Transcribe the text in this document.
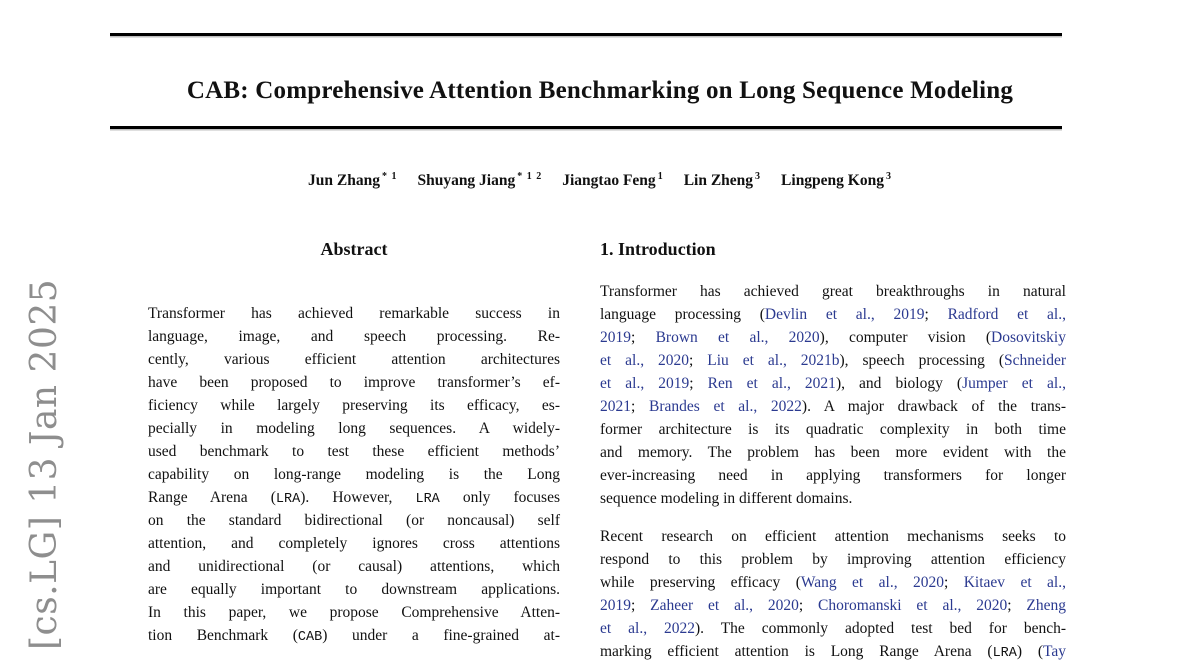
CAB: Comprehensive Attention Benchmarking on Long Sequence Modeling
Jun Zhang $^{* 1}$ Shuyang Jiang $^{* 1 2}$ Jiangtao Feng $^1$ Lin Zheng $^3$ Lingpeng Kong $^3$
Abstract
Transformer has achieved remarkable success in
language, image, and speech processing. Re-
cently, various efficient attention architectures
have been proposed to improve transformer’s ef-
ficiency while largely preserving its efficacy, es-
pecially in modeling long sequences. A widely-
used benchmark to test these efficient methods’
capability on long-range modeling is the Long
Range Arena (LRA). However, LRA only focuses
on the standard bidirectional (or noncausal) self
attention, and completely ignores cross attentions
and unidirectional (or causal) attentions, which
are equally important to downstream applications.
In this paper, we propose Comprehensive Atten-
tion Benchmark (CAB) under a fine-grained at-
1. Introduction
Transformer has achieved great breakthroughs in natural
language processing (Devlin et al., 2019; Radford et al.,
2019; Brown et al., 2020), computer vision (Dosovitskiy
et al., 2020; Liu et al., 2021b), speech processing (Schneider
et al., 2019; Ren et al., 2021), and biology (Jumper et al.,
2021; Brandes et al., 2022). A major drawback of the trans-
former architecture is its quadratic complexity in both time
and memory. The problem has been more evident with the
ever-increasing need in applying transformers for longer
sequence modeling in different domains.
Recent research on efficient attention mechanisms seeks to
respond to this problem by improving attention efficiency
while preserving efficacy (Wang et al., 2020; Kitaev et al.,
2019; Zaheer et al., 2020; Choromanski et al., 2020; Zheng
et al., 2022). The commonly adopted test bed for bench-
marking efficient attention is Long Range Arena (LRA) (Tay
[cs.LG] 13 Jan 2025
